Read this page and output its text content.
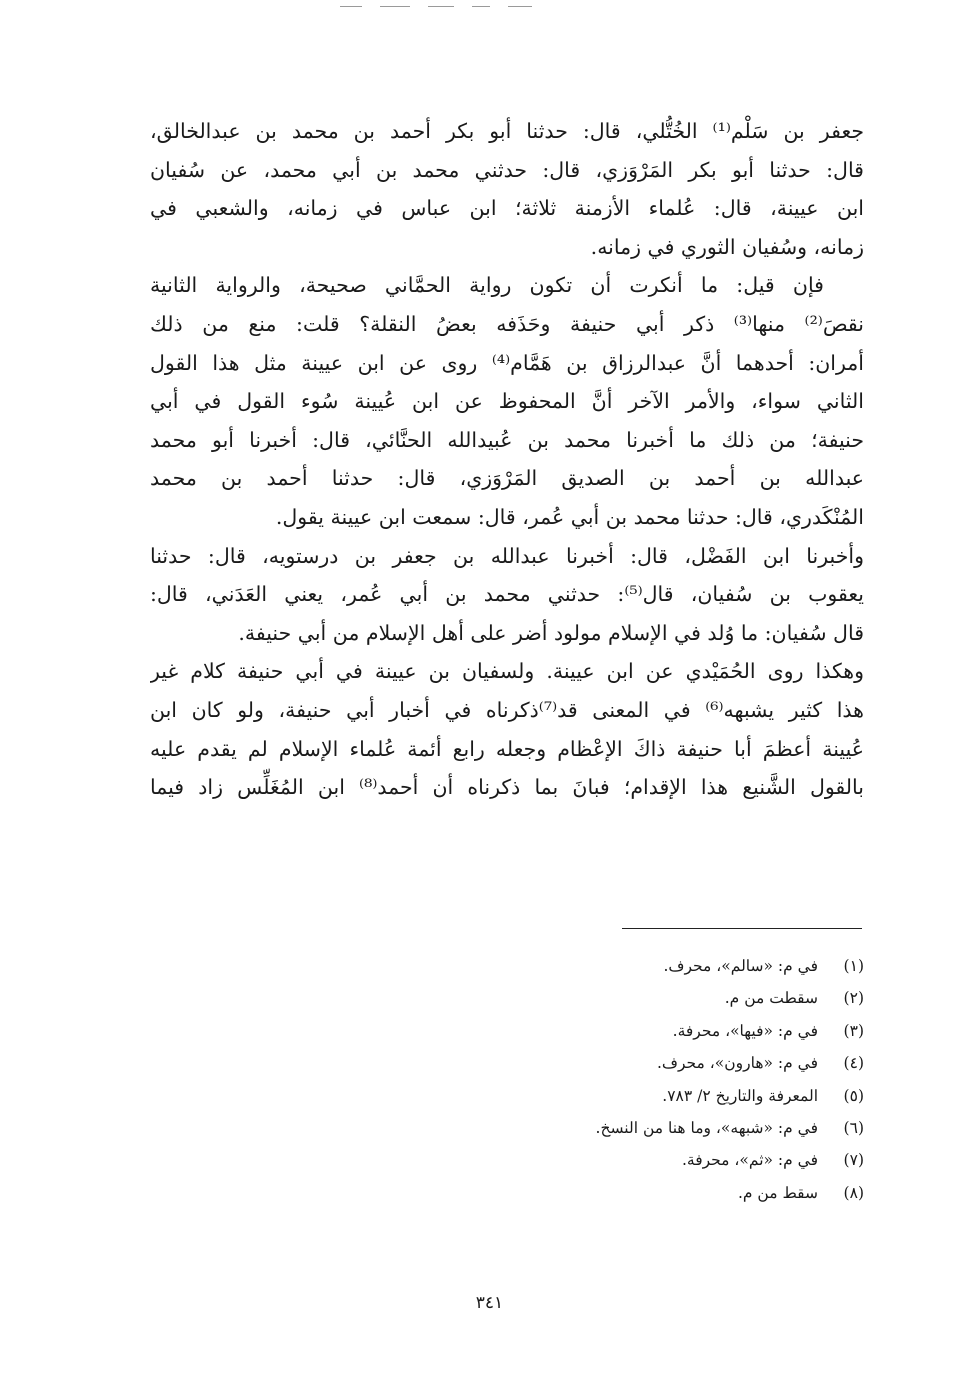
جعفر بن سَلْم⁽¹⁾ الخُتُّلي، قال: حدثنا أبو بكر أحمد بن محمد بن عبدالخالق،
قال: حدثنا أبو بكر المَرْوَزي، قال: حدثني محمد بن أبي محمد، عن سُفيان
ابن عيينة، قال: عُلماء الأزمنة ثلاثة؛ ابن عباس في زمانه، والشعبي في
زمانه، وسُفيان الثوري في زمانه.
فإن قيل: ما أنكرت أن تكون رواية الحمَّاني صحيحة، والرواية الثانية
نقصَ⁽²⁾ منها⁽³⁾ ذكر أبي حنيفة وحَذَفه بعضُ النقلة؟ قلت: منع من ذلك
أمران: أحدهما أنَّ عبدالرزاق بن هَمَّام⁽⁴⁾ روى عن ابن عيينة مثل هذا القول
الثاني سواء، والأمر الآخر أنَّ المحفوظ عن ابن عُيينة سُوء القول في أبي
حنيفة؛ من ذلك ما أخبرنا محمد بن عُبيدالله الحنَّائي، قال: أخبرنا أبو محمد
عبدالله بن أحمد بن الصديق المَرْوَزي، قال: حدثنا أحمد بن محمد
المُنْكَدري، قال: حدثنا محمد بن أبي عُمر، قال: سمعت ابن عيينة يقول.
وأخبرنا ابن الفَضْل، قال: أخبرنا عبدالله بن جعفر بن درستويه، قال: حدثنا
يعقوب بن سُفيان، قال⁽⁵⁾: حدثني محمد بن أبي عُمر، يعني العَدَني، قال:
قال سُفيان: ما وُلد في الإسلام مولود أضر على أهل الإسلام من أبي حنيفة.
وهكذا روى الحُمَيْدي عن ابن عيينة. ولسفيان بن عيينة في أبي حنيفة كلام غير
هذا كثير يشبهه⁽⁶⁾ في المعنى قد⁽⁷⁾ذكرناه في أخبار أبي حنيفة، ولو كان ابن
عُيينة أعظمَ أبا حنيفة ذاكَ الإعْظام وجعله رابع أئمة عُلماء الإسلام لم يقدم عليه
بالقول الشَّنيع هذا الإقدام؛ فبانَ بما ذكرناه أن أحمد⁽⁸⁾ ابن المُغَلِّس زاد فيما
(١)
في م: «سالم»، محرف.
(٢)
سقطت من م.
(٣)
في م: «فيها»، محرفة.
(٤)
في م: «هارون»، محرف.
(٥)
المعرفة والتاريخ ٢/ ٧٨٣.
(٦)
في م: «شبهه»، وما هنا من النسخ.
(٧)
في م: «ثم»، محرفة.
(٨)
سقط من م.
٣٤١
